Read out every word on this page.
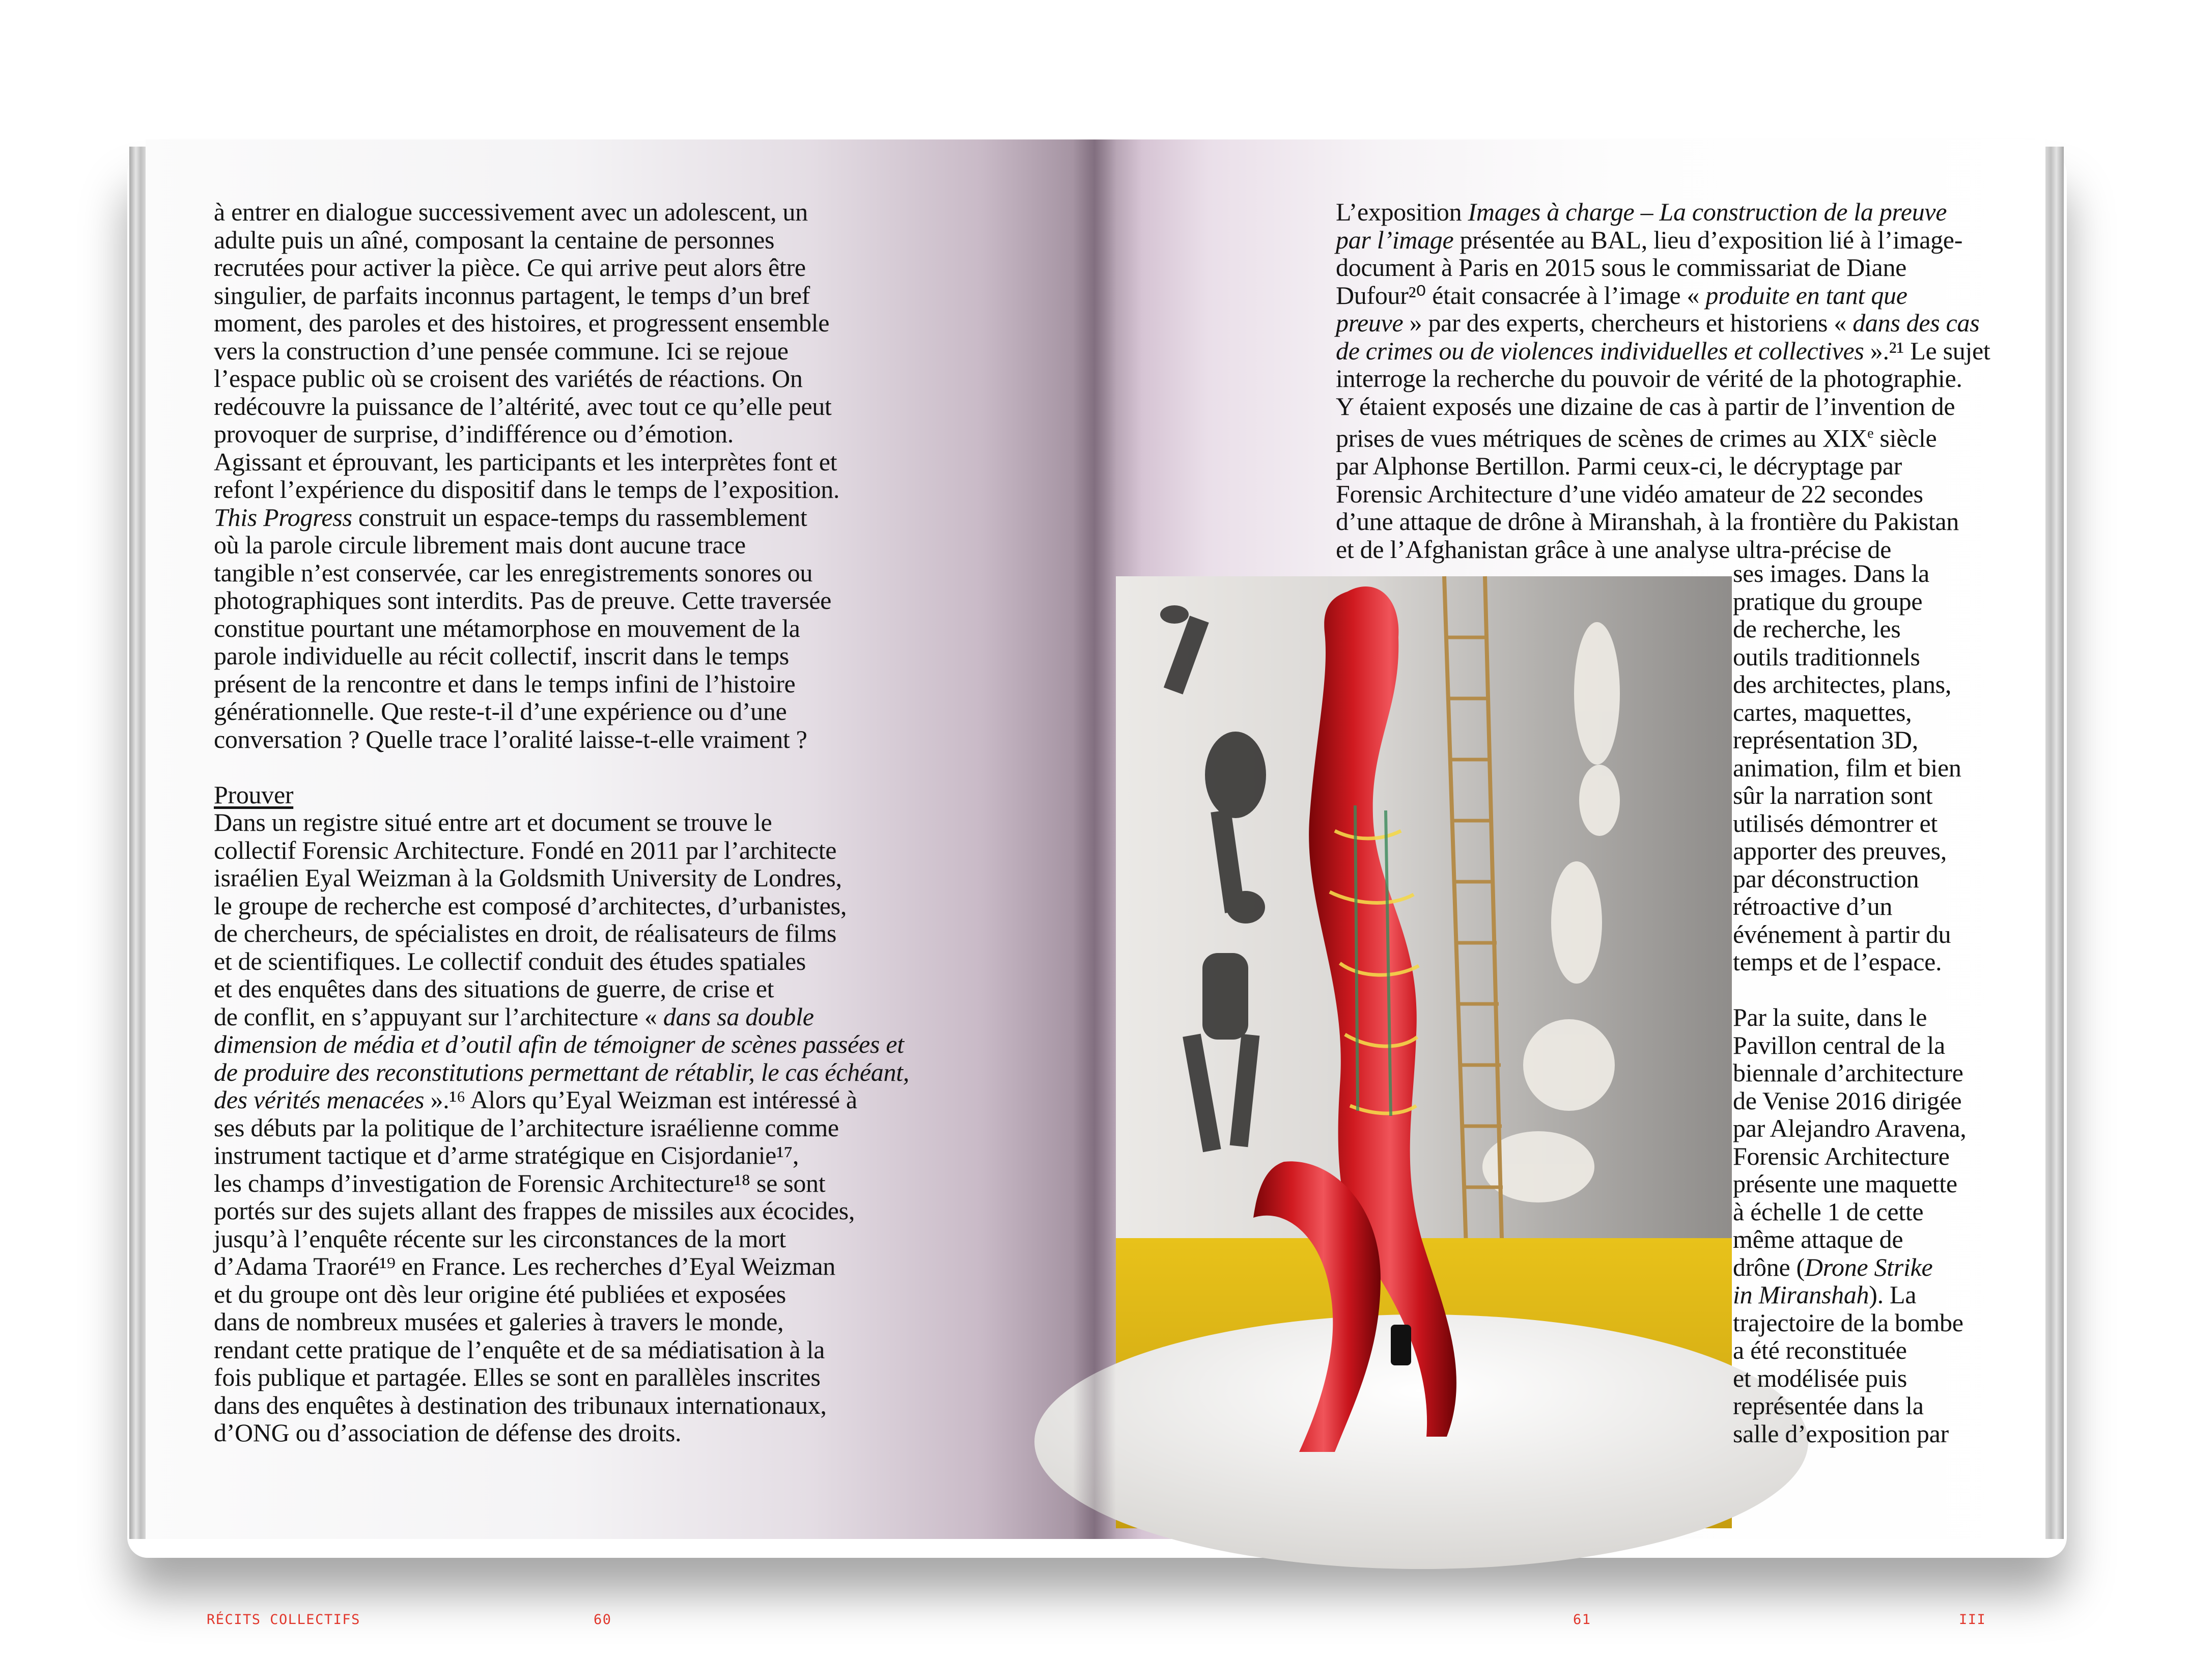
à entrer en dialogue successivement avec un adolescent, un
adulte puis un aîné, composant la centaine de personnes
recrutées pour activer la pièce. Ce qui arrive peut alors être
singulier, de parfaits inconnus partagent, le temps d’un bref
moment, des paroles et des histoires, et progressent ensemble
vers la construction d’une pensée commune. Ici se rejoue
l’espace public où se croisent des variétés de réactions. On
redécouvre la puissance de l’altérité, avec tout ce qu’elle peut
provoquer de surprise, d’indifférence ou d’émotion.
Agissant et éprouvant, les participants et les interprètes font et
refont l’expérience du dispositif dans le temps de l’exposition.
This Progress construit un espace-temps du rassemblement
où la parole circule librement mais dont aucune trace
tangible n’est conservée, car les enregistrements sonores ou
photographiques sont interdits. Pas de preuve. Cette traversée
constitue pourtant une métamorphose en mouvement de la
parole individuelle au récit collectif, inscrit dans le temps
présent de la rencontre et dans le temps infini de l’histoire
générationnelle. Que reste-t-il d’une expérience ou d’une
conversation ? Quelle trace l’oralité laisse-t-elle vraiment ?
Prouver
Dans un registre situé entre art et document se trouve le
collectif Forensic Architecture. Fondé en 2011 par l’architecte
israélien Eyal Weizman à la Goldsmith University de Londres,
le groupe de recherche est composé d’architectes, d’urbanistes,
de chercheurs, de spécialistes en droit, de réalisateurs de films
et de scientifiques. Le collectif conduit des études spatiales
et des enquêtes dans des situations de guerre, de crise et
de conflit, en s’appuyant sur l’architecture « dans sa double
dimension de média et d’outil afin de témoigner de scènes passées et
de produire des reconstitutions permettant de rétablir, le cas échéant,
des vérités menacées ».¹⁶ Alors qu’Eyal Weizman est intéressé à
ses débuts par la politique de l’architecture israélienne comme
instrument tactique et d’arme stratégique en Cisjordanie¹⁷,
les champs d’investigation de Forensic Architecture¹⁸ se sont
portés sur des sujets allant des frappes de missiles aux écocides,
jusqu’à l’enquête récente sur les circonstances de la mort
d’Adama Traoré¹⁹ en France. Les recherches d’Eyal Weizman
et du groupe ont dès leur origine été publiées et exposées
dans de nombreux musées et galeries à travers le monde,
rendant cette pratique de l’enquête et de sa médiatisation à la
fois publique et partagée. Elles se sont en parallèles inscrites
dans des enquêtes à destination des tribunaux internationaux,
d’ONG ou d’association de défense des droits.
RÉCITS COLLECTIFS	60
L’exposition Images à charge – La construction de la preuve
par l’image présentée au BAL, lieu d’exposition lié à l’image-
document à Paris en 2015 sous le commissariat de Diane
Dufour²⁰ était consacrée à l’image « produite en tant que
preuve » par des experts, chercheurs et historiens « dans des cas
de crimes ou de violences individuelles et collectives ».²¹ Le sujet
interroge la recherche du pouvoir de vérité de la photographie.
Y étaient exposés une dizaine de cas à partir de l’invention de
prises de vues métriques de scènes de crimes au XIXe siècle
par Alphonse Bertillon. Parmi ceux-ci, le décryptage par
Forensic Architecture d’une vidéo amateur de 22 secondes
d’une attaque de drône à Miranshah, à la frontière du Pakistan
et de l’Afghanistan grâce à une analyse ultra-précise de
ses images. Dans la
pratique du groupe
de recherche, les
outils traditionnels
des architectes, plans,
cartes, maquettes,
représentation 3D,
animation, film et bien
sûr la narration sont
utilisés démontrer et
apporter des preuves,
par déconstruction
rétroactive d’un
événement à partir du
temps et de l’espace.
Par la suite, dans le
Pavillon central de la
biennale d’architecture
de Venise 2016 dirigée
par Alejandro Aravena,
Forensic Architecture
présente une maquette
à échelle 1 de cette
même attaque de
drône (Drone Strike
in Miranshah). La
trajectoire de la bombe
a été reconstituée
et modélisée puis
représentée dans la
salle d’exposition par
61	III
